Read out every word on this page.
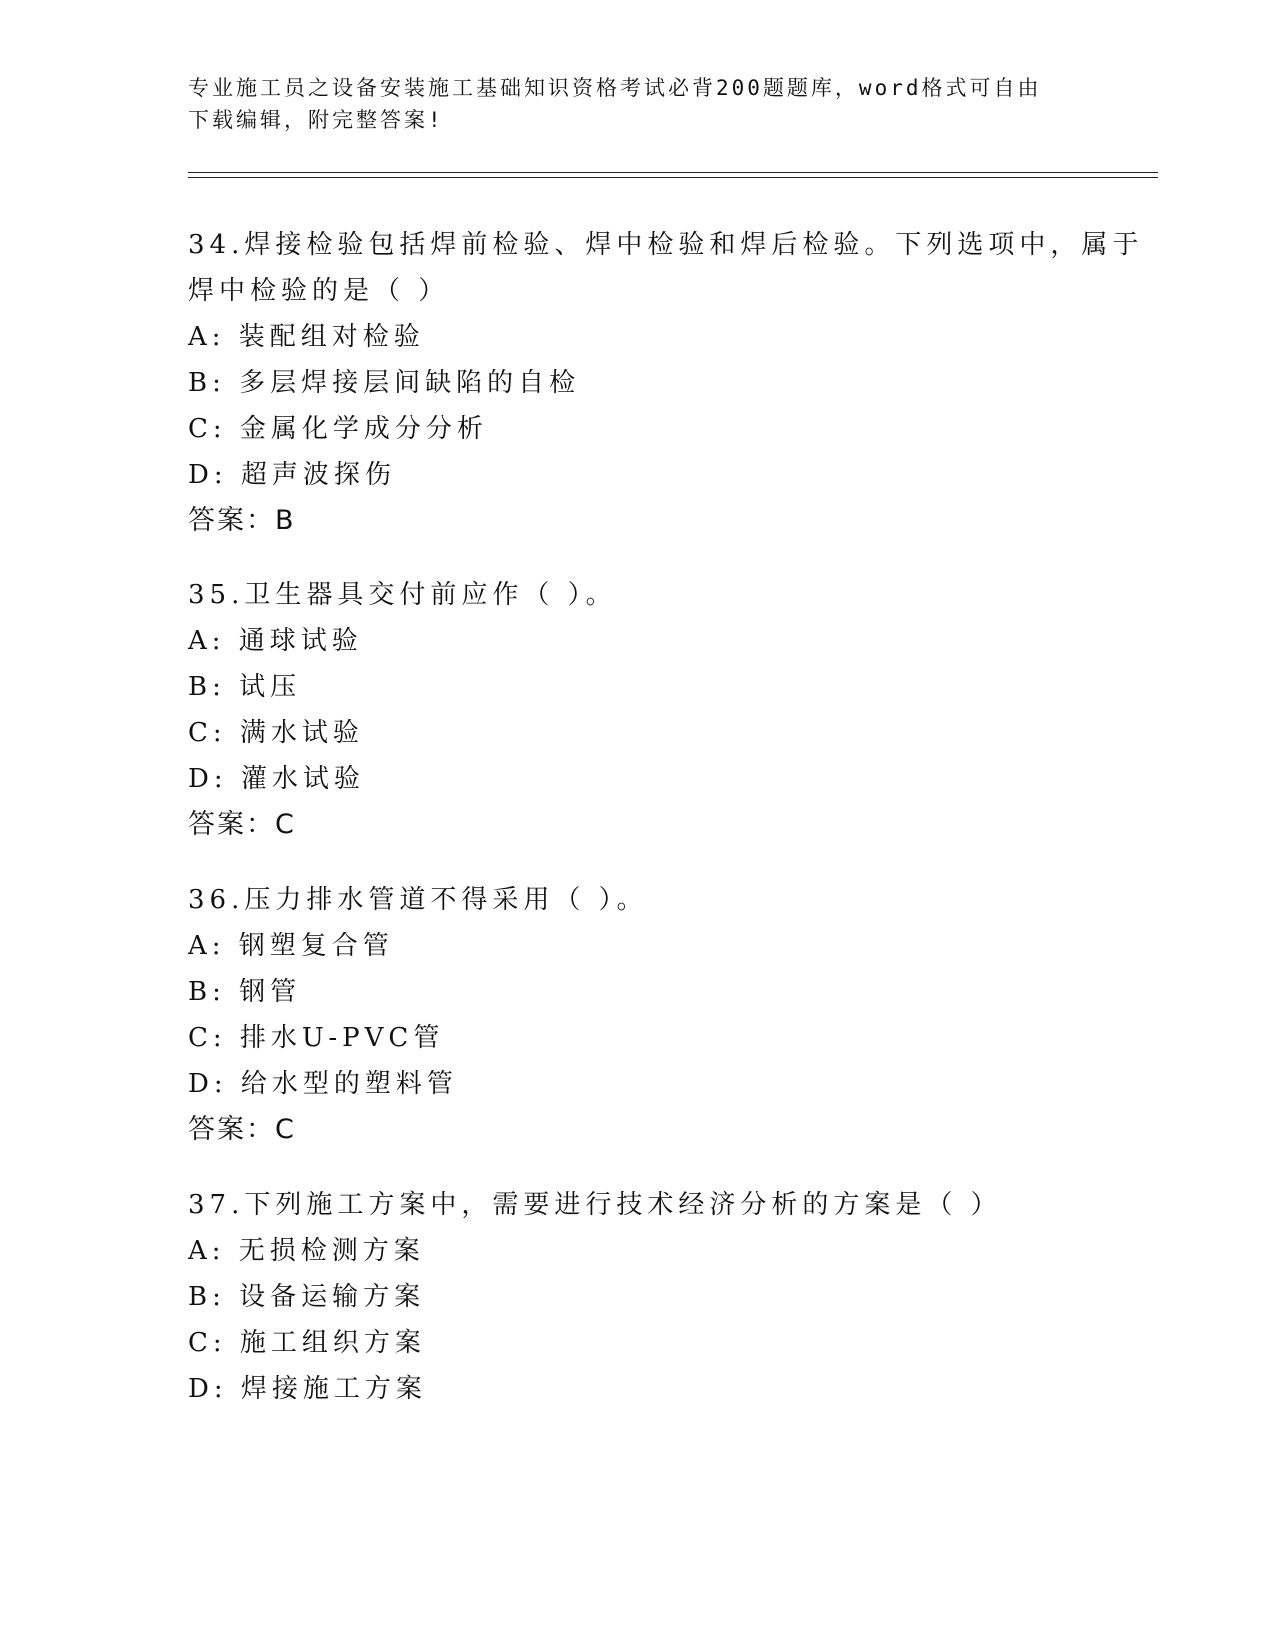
专业施工员之设备安装施工基础知识资格考试必背200题题库，word格式可自由
下载编辑，附完整答案!
34.焊接检验包括焊前检验、焊中检验和焊后检验。下列选项中，属于
焊中检验的是（ ）
A: 装配组对检验
B: 多层焊接层间缺陷的自检
C: 金属化学成分分析
D: 超声波探伤
答案：B
35.卫生器具交付前应作（ ）。
A: 通球试验
B: 试压
C: 满水试验
D: 灌水试验
答案：C
36.压力排水管道不得采用（ ）。
A: 钢塑复合管
B: 钢管
C: 排水U-PVC管
D: 给水型的塑料管
答案：C
37.下列施工方案中，需要进行技术经济分析的方案是（ ）
A: 无损检测方案
B: 设备运输方案
C: 施工组织方案
D: 焊接施工方案
